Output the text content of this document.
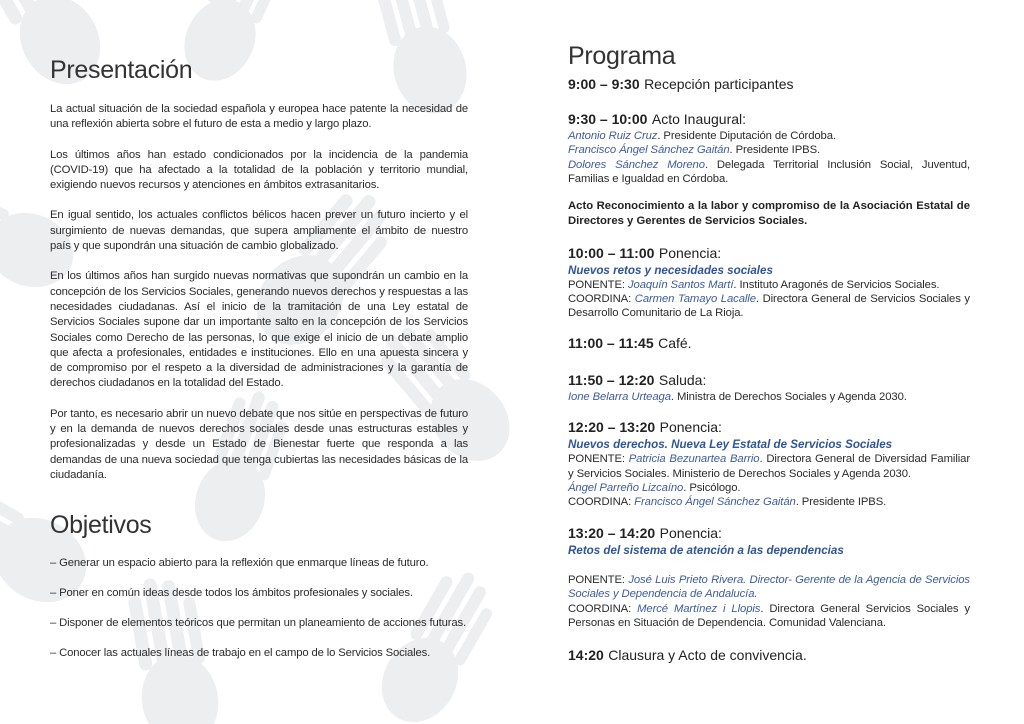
Presentación

La actual situación de la sociedad española y europea hace patente la necesidad de una reflexión abierta sobre el futuro de esta a medio y largo plazo.

Los últimos años han estado condicionados por la incidencia de la pandemia (COVID-19) que ha afectado a la totalidad de la población y territorio mundial, exigiendo nuevos recursos y atenciones en ámbitos extrasanitarios.

En igual sentido, los actuales conflictos bélicos hacen prever un futuro incierto y el surgimiento de nuevas demandas, que supera ampliamente el ámbito de nuestro país y que supondrán una situación de cambio globalizado.

En los últimos años han surgido nuevas normativas que supondrán un cambio en la concepción de los Servicios Sociales, generando nuevos derechos y respuestas a las necesidades ciudadanas. Así el inicio de la tramitación de una Ley estatal de Servicios Sociales supone dar un importante salto en la concepción de los Servicios Sociales como Derecho de las personas, lo que exige el inicio de un debate amplio que afecta a profesionales, entidades e instituciones. Ello en una apuesta sincera y de compromiso por el respeto a la diversidad de administraciones y la garantía de derechos ciudadanos en la totalidad del Estado.

Por tanto, es necesario abrir un nuevo debate que nos sitúe en perspectivas de futuro y en la demanda de nuevos derechos sociales desde unas estructuras estables y profesionalizadas y desde un Estado de Bienestar fuerte que responda a las demandas de una nueva sociedad que tenga cubiertas las necesidades básicas de la ciudadanía.

Objetivos

– Generar un espacio abierto para la reflexión que enmarque líneas de futuro.

– Poner en común ideas desde todos los ámbitos profesionales y sociales.

– Disponer de elementos teóricos que permitan un planeamiento de acciones futuras.

– Conocer las actuales líneas de trabajo en el campo de lo Servicios Sociales.

Programa

9:00 – 9:30 Recepción participantes

9:30 – 10:00 Acto Inaugural:

Antonio Ruiz Cruz. Presidente Diputación de Córdoba.

Francisco Ángel Sánchez Gaitán. Presidente IPBS.

Dolores Sánchez Moreno. Delegada Territorial Inclusión Social, Juventud, Familias e Igualdad en Córdoba.

Acto Reconocimiento a la labor y compromiso de la Asociación Estatal de Directores y Gerentes de Servicios Sociales.

10:00 – 11:00 Ponencia:

Nuevos retos y necesidades sociales

PONENTE: Joaquín Santos Martí. Instituto Aragonés de Servicios Sociales.

COORDINA: Carmen Tamayo Lacalle. Directora General de Servicios Sociales y Desarrollo Comunitario de La Rioja.

11:00 – 11:45 Café.

11:50 – 12:20 Saluda:

Ione Belarra Urteaga. Ministra de Derechos Sociales y Agenda 2030.

12:20 – 13:20 Ponencia:

Nuevos derechos. Nueva Ley Estatal de Servicios Sociales

PONENTE: Patricia Bezunartea Barrio. Directora General de Diversidad Familiar y Servicios Sociales. Ministerio de Derechos Sociales y Agenda 2030.

Ángel Parreño Lizcaíno. Psicólogo.

COORDINA: Francisco Ángel Sánchez Gaitán. Presidente IPBS.

13:20 – 14:20 Ponencia:

Retos del sistema de atención a las dependencias

PONENTE: José Luis Prieto Rivera. Director- Gerente de la Agencia de Servicios Sociales y Dependencia de Andalucía.

COORDINA: Mercé Martínez i Llopis. Directora General Servicios Sociales y Personas en Situación de Dependencia. Comunidad Valenciana.

14:20 Clausura y Acto de convivencia.
